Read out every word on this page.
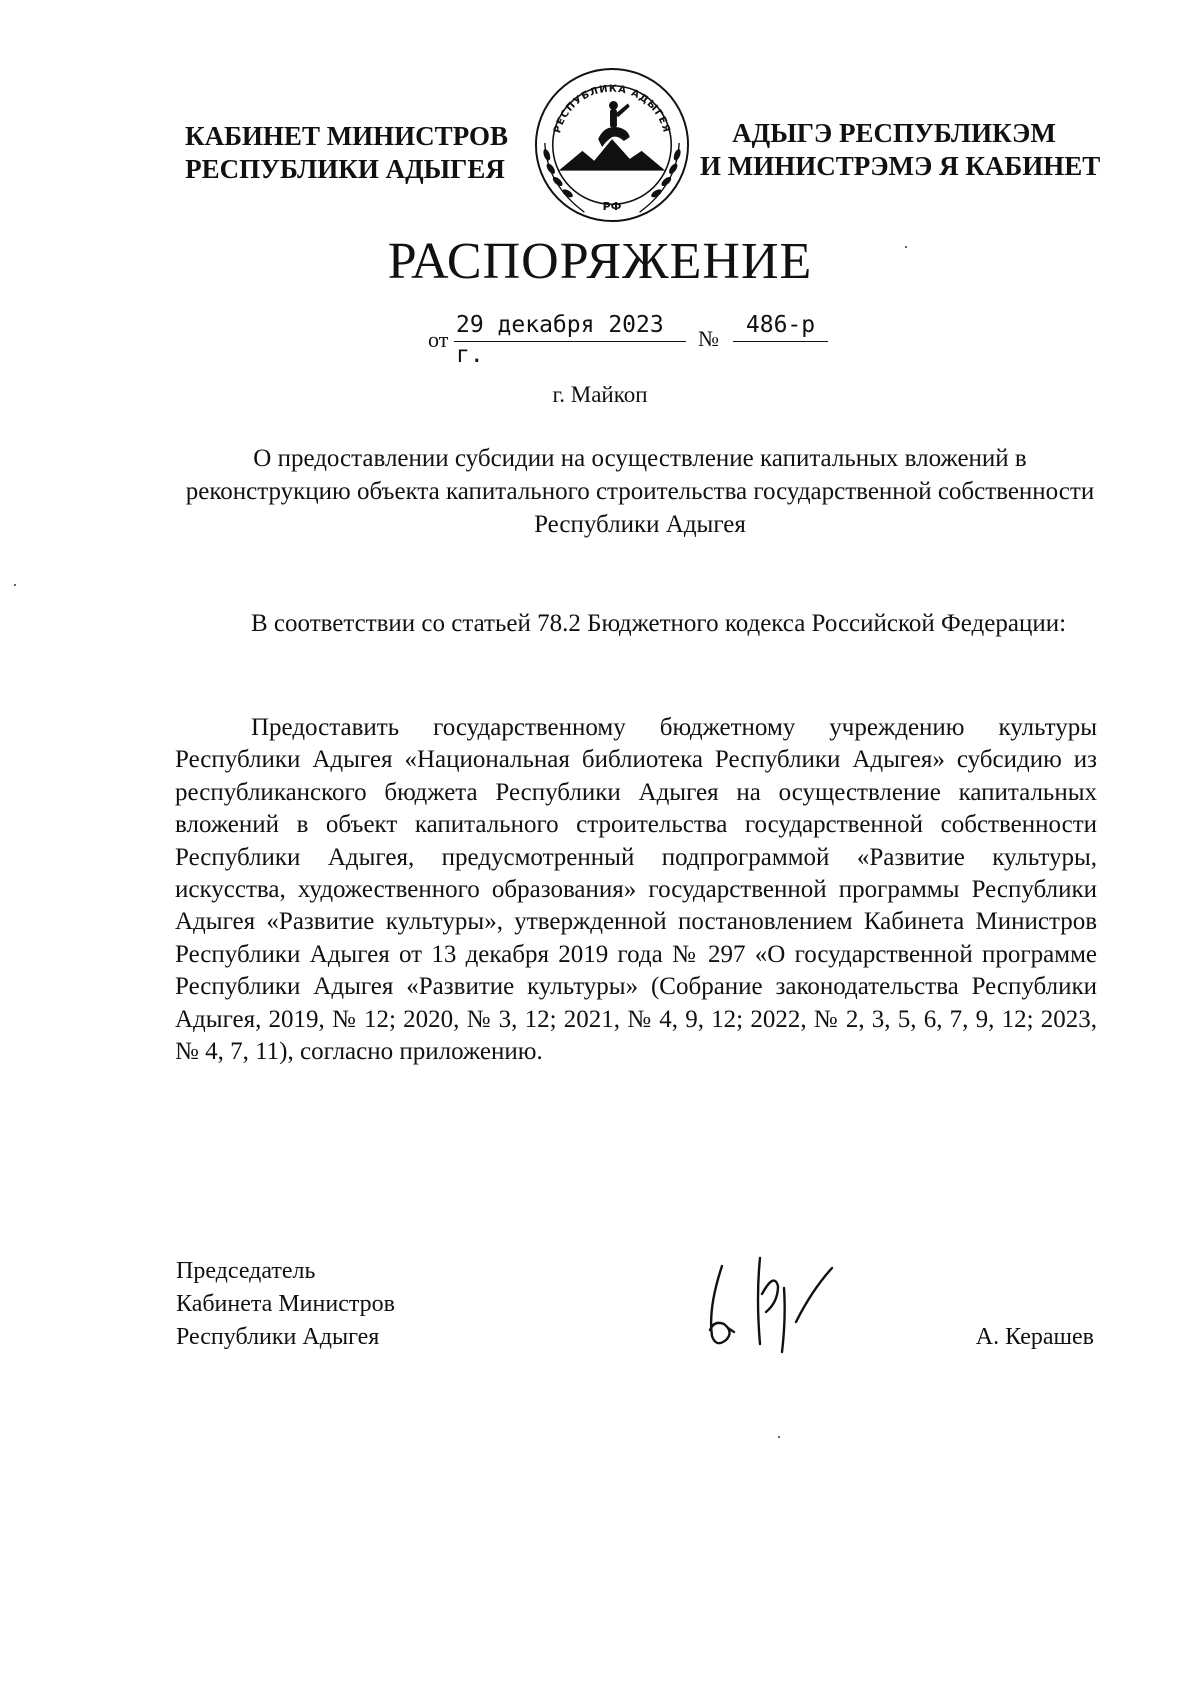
КАБИНЕТ МИНИСТРОВ
РЕСПУБЛИКИ АДЫГЕЯ
РЕСПУБЛИКА АДЫГЕЯ
РФ
АДЫГЭ РЕСПУБЛИКЭМ
И МИНИСТРЭМЭ Я КАБИНЕТ
РАСПОРЯЖЕНИЕ
от
29 декабря 2023 г.
№
486-р
г. Майкоп
О предоставлении субсидии на осуществление капитальных вложений в реконструкцию объекта капитального строительства государственной собственности Республики Адыгея

В соответствии со статьей 78.2 Бюджетного кодекса Российской Федерации:

Предоставить государственному бюджетному учреждению культуры Республики Адыгея «Национальная библиотека Республики Адыгея» субсидию из республиканского бюджета Республики Адыгея на осуществление капитальных вложений в объект капитального строительства государственной собственности Республики Адыгея, предусмотренный подпрограммой «Развитие культуры, искусства, художественного образования» государственной программы Республики Адыгея «Развитие культуры», утвержденной постановлением Кабинета Министров Республики Адыгея от 13 декабря 2019 года № 297 «О государственной программе Республики Адыгея «Развитие культуры» (Собрание законодательства Республики Адыгея, 2019, № 12; 2020, № 3, 12; 2021, № 4, 9, 12; 2022, № 2, 3, 5, 6, 7, 9, 12; 2023, № 4, 7, 11), согласно приложению.

Председатель
Кабинета Министров
Республики Адыгея	А. Керашев
